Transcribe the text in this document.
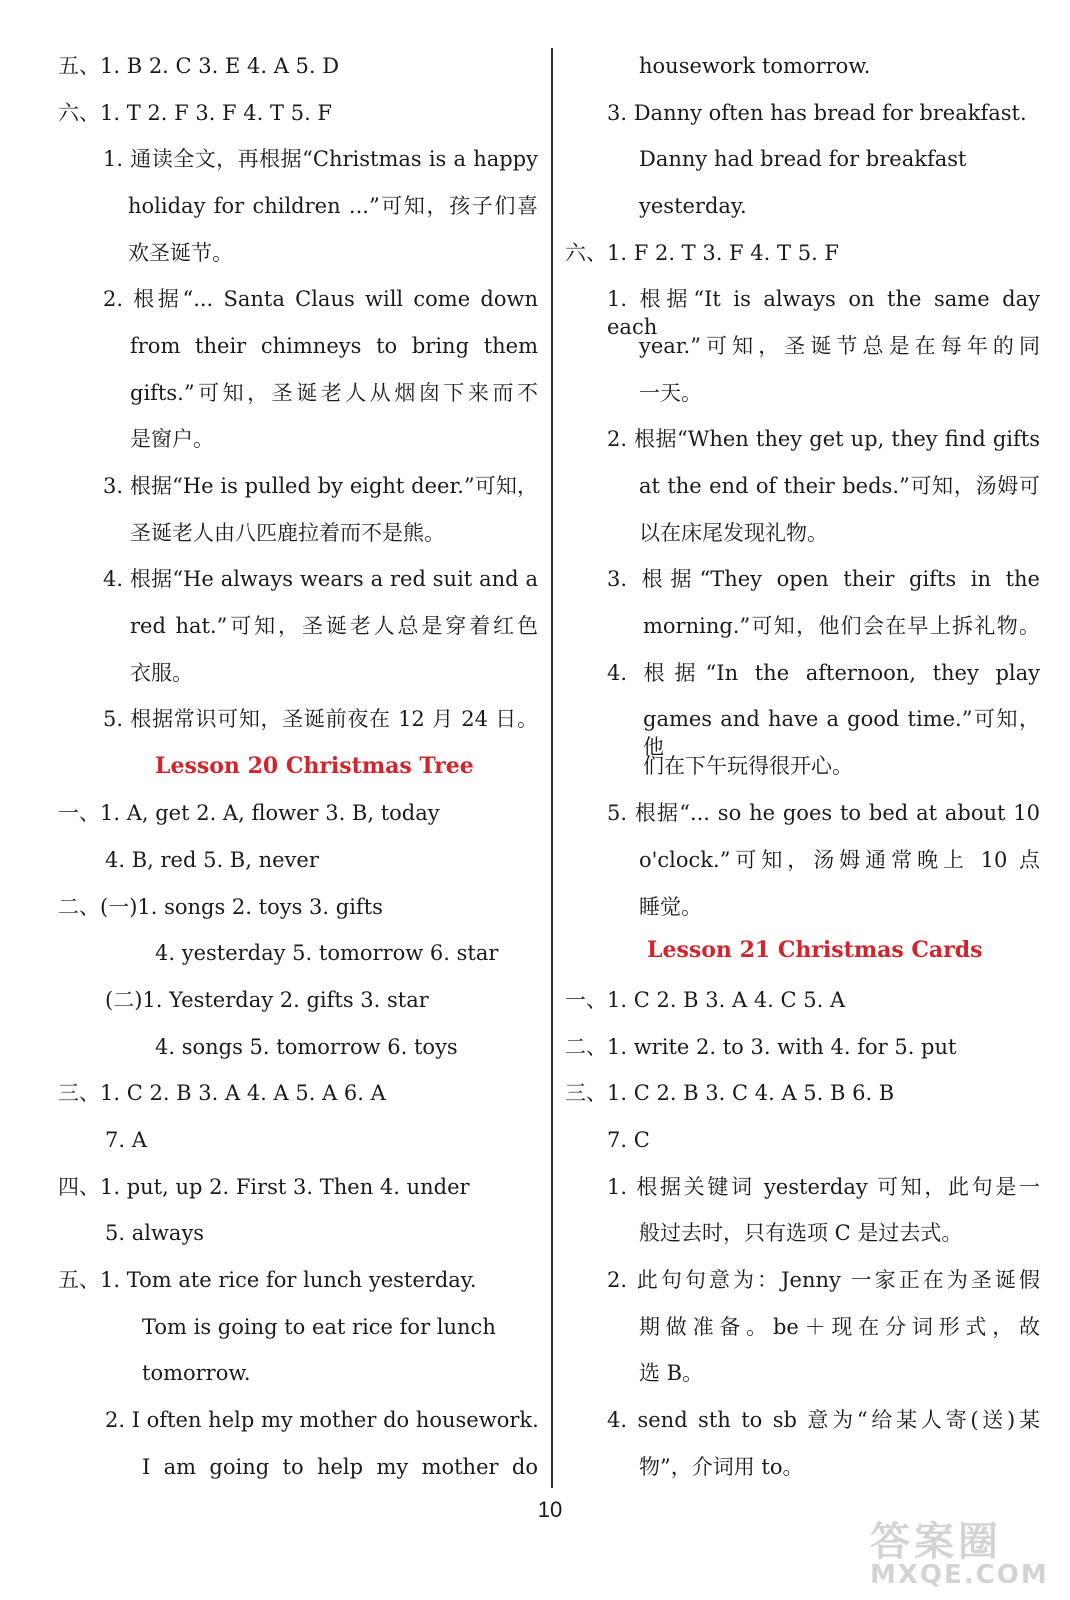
五、1. B 2. C 3. E 4. A 5. D
六、1. T 2. F 3. F 4. T 5. F
1. 通读全文，再根据“Christmas is a happy
holiday for children ...”可知，孩子们喜
欢圣诞节。
2. 根据“... Santa Claus will come down
from their chimneys to bring them
gifts.”可知，圣诞老人从烟囱下来而不
是窗户。
3. 根据“He is pulled by eight deer.”可知，
圣诞老人由八匹鹿拉着而不是熊。
4. 根据“He always wears a red suit and a
red hat.”可知，圣诞老人总是穿着红色
衣服。
5. 根据常识可知，圣诞前夜在 12 月 24 日。
Lesson 20 Christmas Tree
一、1. A, get 2. A, flower 3. B, today
4. B, red 5. B, never
二、(一)1. songs 2. toys 3. gifts
4. yesterday 5. tomorrow 6. star
(二)1. Yesterday 2. gifts 3. star
4. songs 5. tomorrow 6. toys
三、1. C 2. B 3. A 4. A 5. A 6. A
7. A
四、1. put, up 2. First 3. Then 4. under
5. always
五、1. Tom ate rice for lunch yesterday.
Tom is going to eat rice for lunch
tomorrow.
2. I often help my mother do housework.
I am going to help my mother do
housework tomorrow.
3. Danny often has bread for breakfast.
Danny had bread for breakfast
yesterday.
六、1. F 2. T 3. F 4. T 5. F
1. 根据“It is always on the same day each
year.”可知，圣诞节总是在每年的同
一天。
2. 根据“When they get up, they find gifts
at the end of their beds.”可知，汤姆可
以在床尾发现礼物。
3. 根据“They open their gifts in the
morning.”可知，他们会在早上拆礼物。
4. 根据“In the afternoon, they play
games and have a good time.”可知，他
们在下午玩得很开心。
5. 根据“... so he goes to bed at about 10
o'clock.”可知，汤姆通常晚上 10 点
睡觉。
Lesson 21 Christmas Cards
一、1. C 2. B 3. A 4. C 5. A
二、1. write 2. to 3. with 4. for 5. put
三、1. C 2. B 3. C 4. A 5. B 6. B
7. C
1. 根据关键词 yesterday 可知，此句是一
般过去时，只有选项 C 是过去式。
2. 此句句意为：Jenny 一家正在为圣诞假
期做准备。be＋现在分词形式，故
选 B。
4. send sth to sb 意为“给某人寄(送)某
物”，介词用 to。
10
答案圈
MXQE.COM
